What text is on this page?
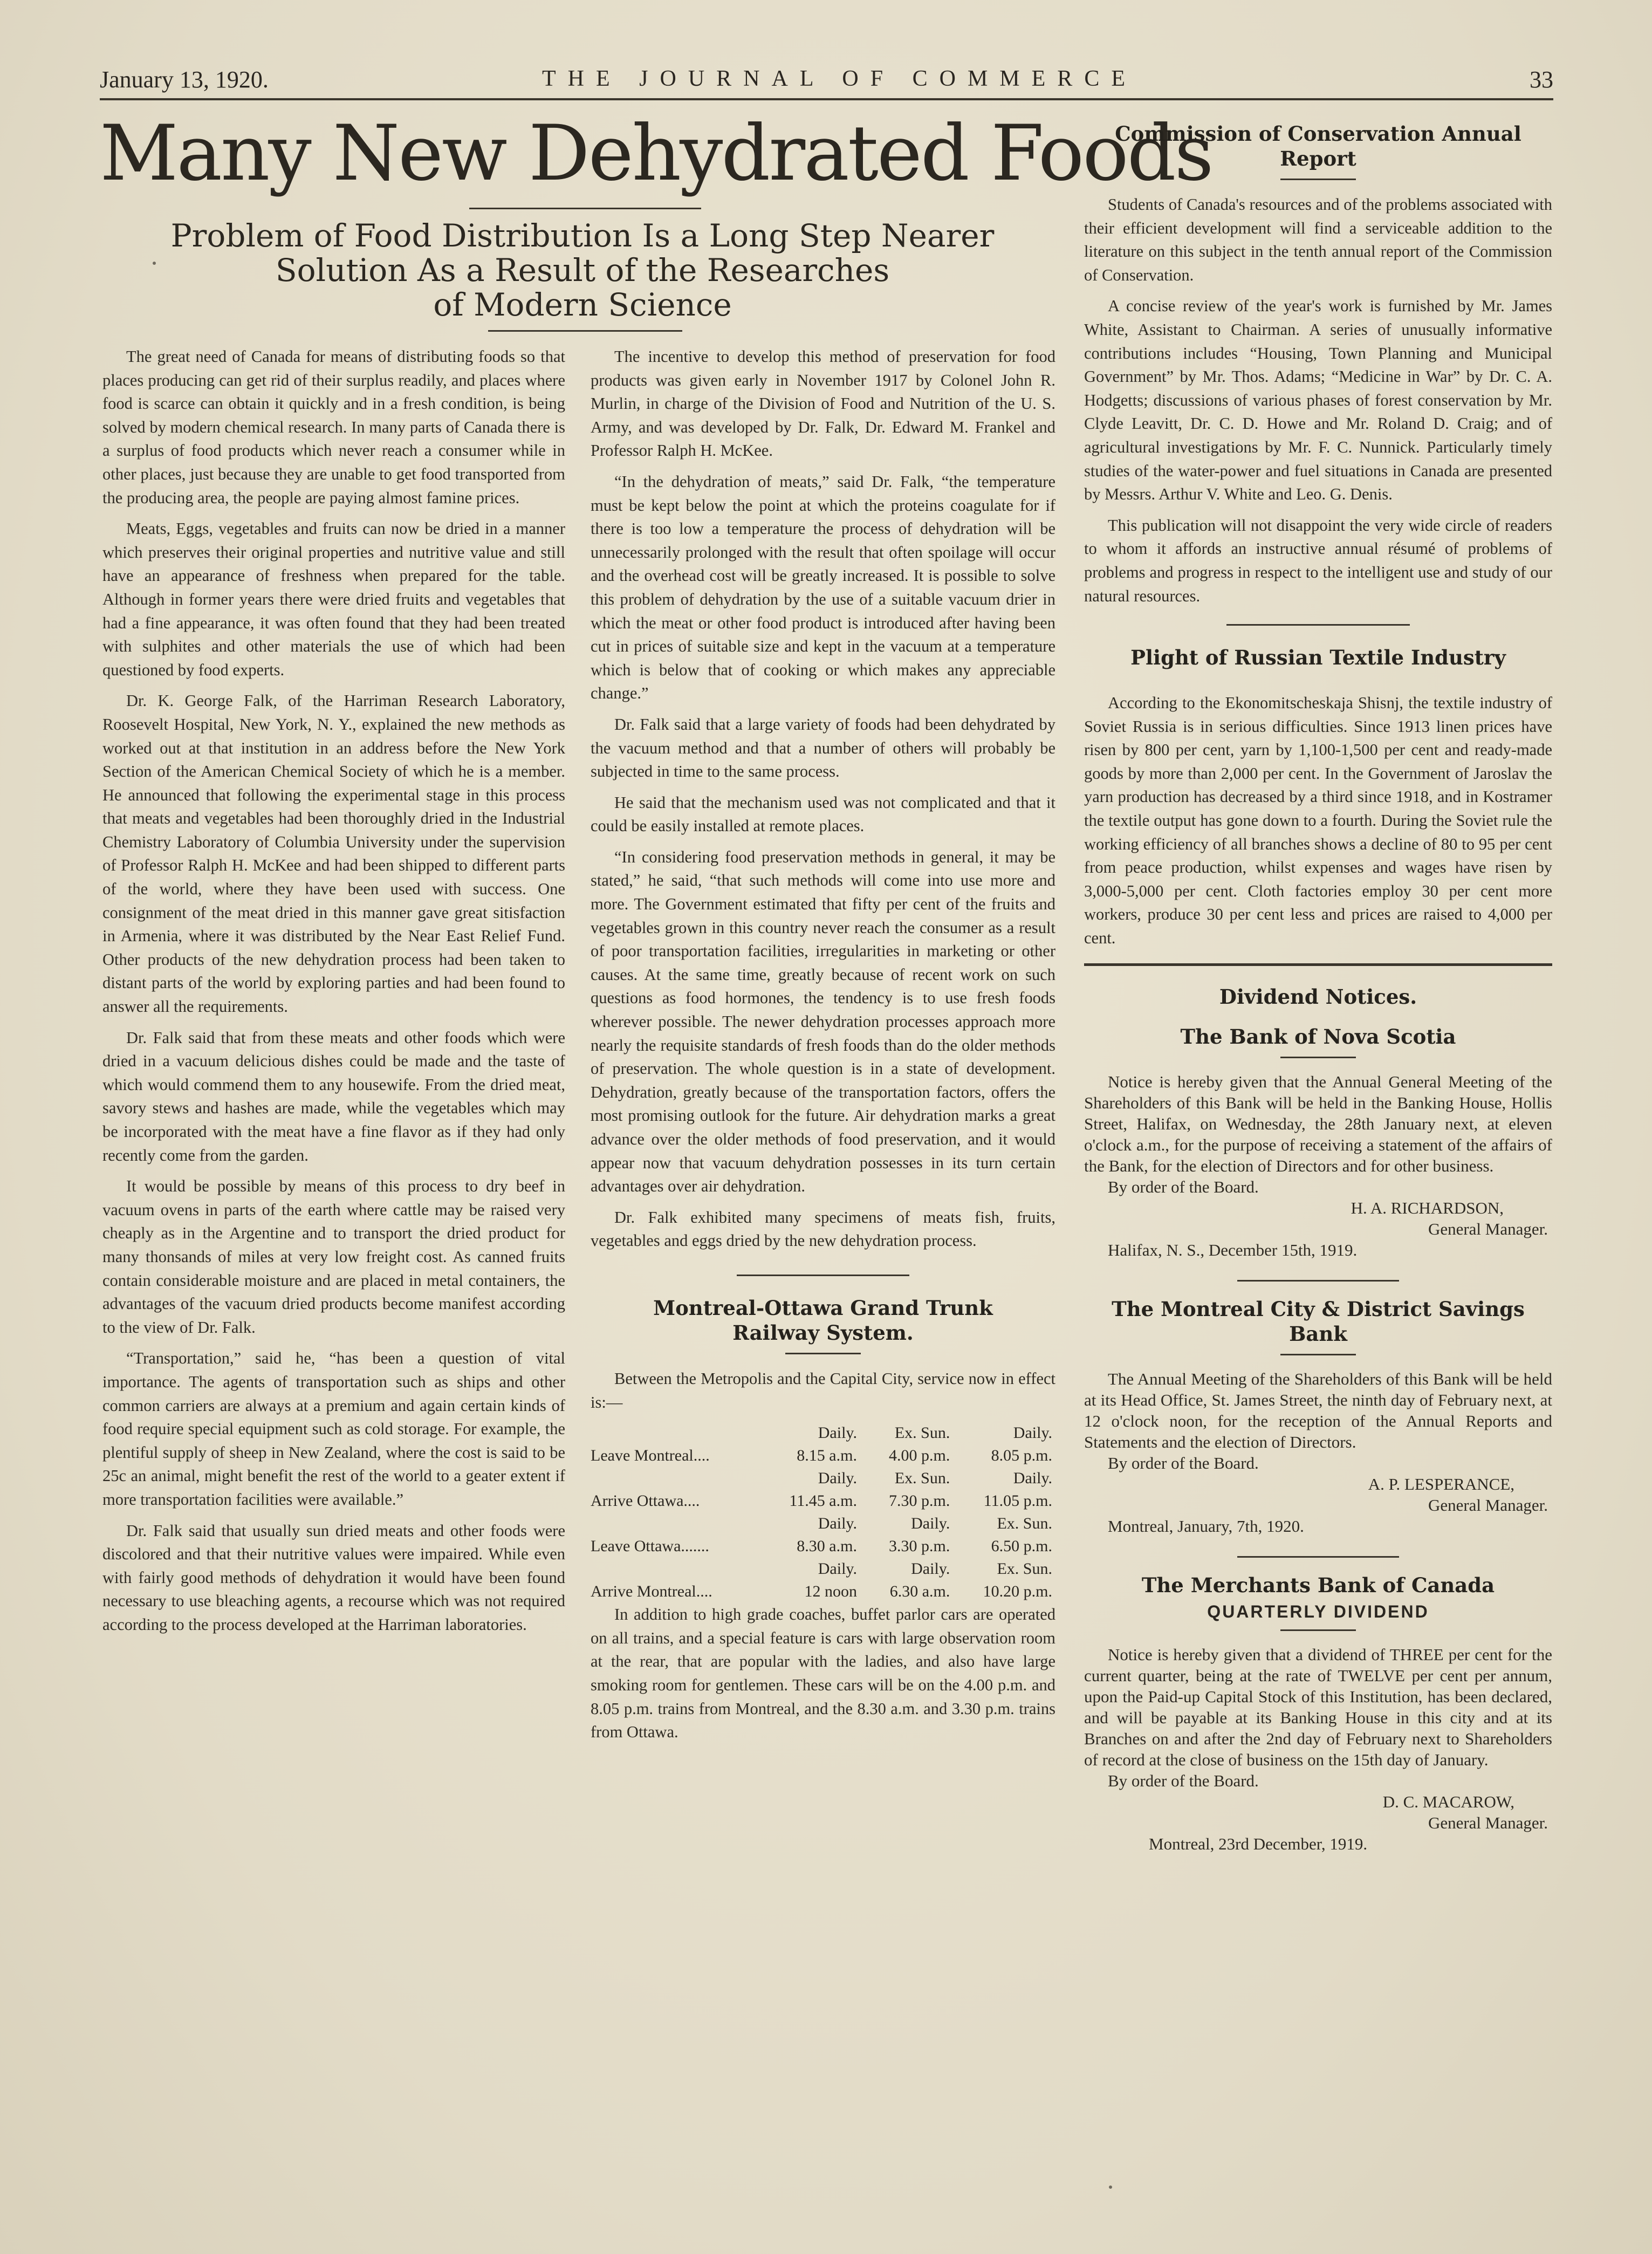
January 13, 1920.	THE JOURNAL OF COMMERCE	33
Many New Dehydrated Foods
Problem of Food Distribution Is a Long Step Nearer
Solution As a Result of the Researches
of Modern Science

The great need of Canada for means of distributing foods so that places producing can get rid of their surplus readily, and places where food is scarce can obtain it quickly and in a fresh condition, is being solved by modern chemical research. In many parts of Canada there is a surplus of food products which never reach a consumer while in other places, just because they are unable to get food transported from the producing area, the people are paying almost famine prices.

Meats, Eggs, vegetables and fruits can now be dried in a manner which preserves their original properties and nutritive value and still have an appearance of freshness when prepared for the table. Although in former years there were dried fruits and vegetables that had a fine appearance, it was often found that they had been treated with sulphites and other materials the use of which had been questioned by food experts.

Dr. K. George Falk, of the Harriman Research Laboratory, Roosevelt Hospital, New York, N. Y., explained the new methods as worked out at that institution in an address before the New York Section of the American Chemical Society of which he is a member. He announced that following the experimental stage in this process that meats and vegetables had been thoroughly dried in the Industrial Chemistry Laboratory of Columbia University under the supervision of Professor Ralph H. McKee and had been shipped to different parts of the world, where they have been used with success. One consignment of the meat dried in this manner gave great sitisfaction in Armenia, where it was distributed by the Near East Relief Fund. Other products of the new dehydration process had been taken to distant parts of the world by exploring parties and had been found to answer all the requirements.

Dr. Falk said that from these meats and other foods which were dried in a vacuum delicious dishes could be made and the taste of which would commend them to any housewife. From the dried meat, savory stews and hashes are made, while the vegetables which may be incorporated with the meat have a fine flavor as if they had only recently come from the garden.

It would be possible by means of this process to dry beef in vacuum ovens in parts of the earth where cattle may be raised very cheaply as in the Argentine and to transport the dried product for many thonsands of miles at very low freight cost. As canned fruits contain considerable moisture and are placed in metal containers, the advantages of the vacuum dried products become manifest according to the view of Dr. Falk.

“Transportation,” said he, “has been a question of vital importance. The agents of transportation such as ships and other common carriers are always at a premium and again certain kinds of food require special equipment such as cold storage. For example, the plentiful supply of sheep in New Zealand, where the cost is said to be 25c an animal, might benefit the rest of the world to a geater extent if more transportation facilities were available.”

Dr. Falk said that usually sun dried meats and other foods were discolored and that their nutritive values were impaired. While even with fairly good methods of dehydration it would have been found necessary to use bleaching agents, a recourse which was not required according to the process developed at the Harriman laboratories.

The incentive to develop this method of preservation for food products was given early in November 1917 by Colonel John R. Murlin, in charge of the Division of Food and Nutrition of the U. S. Army, and was developed by Dr. Falk, Dr. Edward M. Frankel and Professor Ralph H. McKee.

“In the dehydration of meats,” said Dr. Falk, “the temperature must be kept below the point at which the proteins coagulate for if there is too low a temperature the process of dehydration will be unnecessarily prolonged with the result that often spoilage will occur and the overhead cost will be greatly increased. It is possible to solve this problem of dehydration by the use of a suitable vacuum drier in which the meat or other food product is introduced after having been cut in prices of suitable size and kept in the vacuum at a temperature which is below that of cooking or which makes any appreciable change.”

Dr. Falk said that a large variety of foods had been dehydrated by the vacuum method and that a number of others will probably be subjected in time to the same process.

He said that the mechanism used was not complicated and that it could be easily installed at remote places.

“In considering food preservation methods in general, it may be stated,” he said, “that such methods will come into use more and more. The Government estimated that fifty per cent of the fruits and vegetables grown in this country never reach the consumer as a result of poor transportation facilities, irregularities in marketing or other causes. At the same time, greatly because of recent work on such questions as food hormones, the tendency is to use fresh foods wherever possible. The newer dehydration processes approach more nearly the requisite standards of fresh foods than do the older methods of preservation. The whole question is in a state of development. Dehydration, greatly because of the transportation factors, offers the most promising outlook for the future. Air dehydration marks a great advance over the older methods of food preservation, and it would appear now that vacuum dehydration possesses in its turn certain advantages over air dehydration.

Dr. Falk exhibited many specimens of meats fish, fruits, vegetables and eggs dried by the new dehydration process.

Montreal-Ottawa Grand Trunk Railway System.

Between the Metropolis and the Capital City, service now in effect is:—

	Daily.	Ex. Sun.	Daily.
Leave Montreal....	8.15 a.m.	4.00 p.m.	8.05 p.m.
	Daily.	Ex. Sun.	Daily.
Arrive Ottawa....	11.45 a.m.	7.30 p.m.	11.05 p.m.
	Daily.	Daily.	Ex. Sun.
Leave Ottawa.......	8.30 a.m.	3.30 p.m.	6.50 p.m.
	Daily.	Daily.	Ex. Sun.
Arrive Montreal....	12 noon	6.30 a.m.	10.20 p.m.

In addition to high grade coaches, buffet parlor cars are operated on all trains, and a special feature is cars with large observation room at the rear, that are popular with the ladies, and also have large smoking room for gentlemen. These cars will be on the 4.00 p.m. and 8.05 p.m. trains from Montreal, and the 8.30 a.m. and 3.30 p.m. trains from Ottawa.

Commission of Conservation Annual Report

Students of Canada's resources and of the problems associated with their efficient development will find a serviceable addition to the literature on this subject in the tenth annual report of the Commission of Conservation.

A concise review of the year's work is furnished by Mr. James White, Assistant to Chairman. A series of unusually informative contributions includes “Housing, Town Planning and Municipal Government” by Mr. Thos. Adams; “Medicine in War” by Dr. C. A. Hodgetts; discussions of various phases of forest conservation by Mr. Clyde Leavitt, Dr. C. D. Howe and Mr. Roland D. Craig; and of agricultural investigations by Mr. F. C. Nunnick. Particularly timely studies of the water-power and fuel situations in Canada are presented by Messrs. Arthur V. White and Leo. G. Denis.

This publication will not disappoint the very wide circle of readers to whom it affords an instructive annual résumé of problems of problems and progress in respect to the intelligent use and study of our natural resources.

Plight of Russian Textile Industry

According to the Ekonomitscheskaja Shisnj, the textile industry of Soviet Russia is in serious difficulties. Since 1913 linen prices have risen by 800 per cent, yarn by 1,100-1,500 per cent and ready-made goods by more than 2,000 per cent. In the Government of Jaroslav the yarn production has decreased by a third since 1918, and in Kostramer the textile output has gone down to a fourth. During the Soviet rule the working efficiency of all branches shows a decline of 80 to 95 per cent from peace production, whilst expenses and wages have risen by 3,000-5,000 per cent. Cloth factories employ 30 per cent more workers, produce 30 per cent less and prices are raised to 4,000 per cent.

Dividend Notices.
The Bank of Nova Scotia

Notice is hereby given that the Annual General Meeting of the Shareholders of this Bank will be held in the Banking House, Hollis Street, Halifax, on Wednesday, the 28th January next, at eleven o'clock a.m., for the purpose of receiving a statement of the affairs of the Bank, for the election of Directors and for other business.

By order of the Board.

H. A. RICHARDSON,

General Manager.

Halifax, N. S., December 15th, 1919.

The Montreal City & District Savings Bank

The Annual Meeting of the Shareholders of this Bank will be held at its Head Office, St. James Street, the ninth day of February next, at 12 o'clock noon, for the reception of the Annual Reports and Statements and the election of Directors.

By order of the Board.

A. P. LESPERANCE,

General Manager.

Montreal, January, 7th, 1920.

The Merchants Bank of Canada
QUARTERLY DIVIDEND

Notice is hereby given that a dividend of THREE per cent for the current quarter, being at the rate of TWELVE per cent per annum, upon the Paid-up Capital Stock of this Institution, has been declared, and will be payable at its Banking House in this city and at its Branches on and after the 2nd day of February next to Shareholders of record at the close of business on the 15th day of January.

By order of the Board.

D. C. MACAROW,

General Manager.

Montreal, 23rd December, 1919.
